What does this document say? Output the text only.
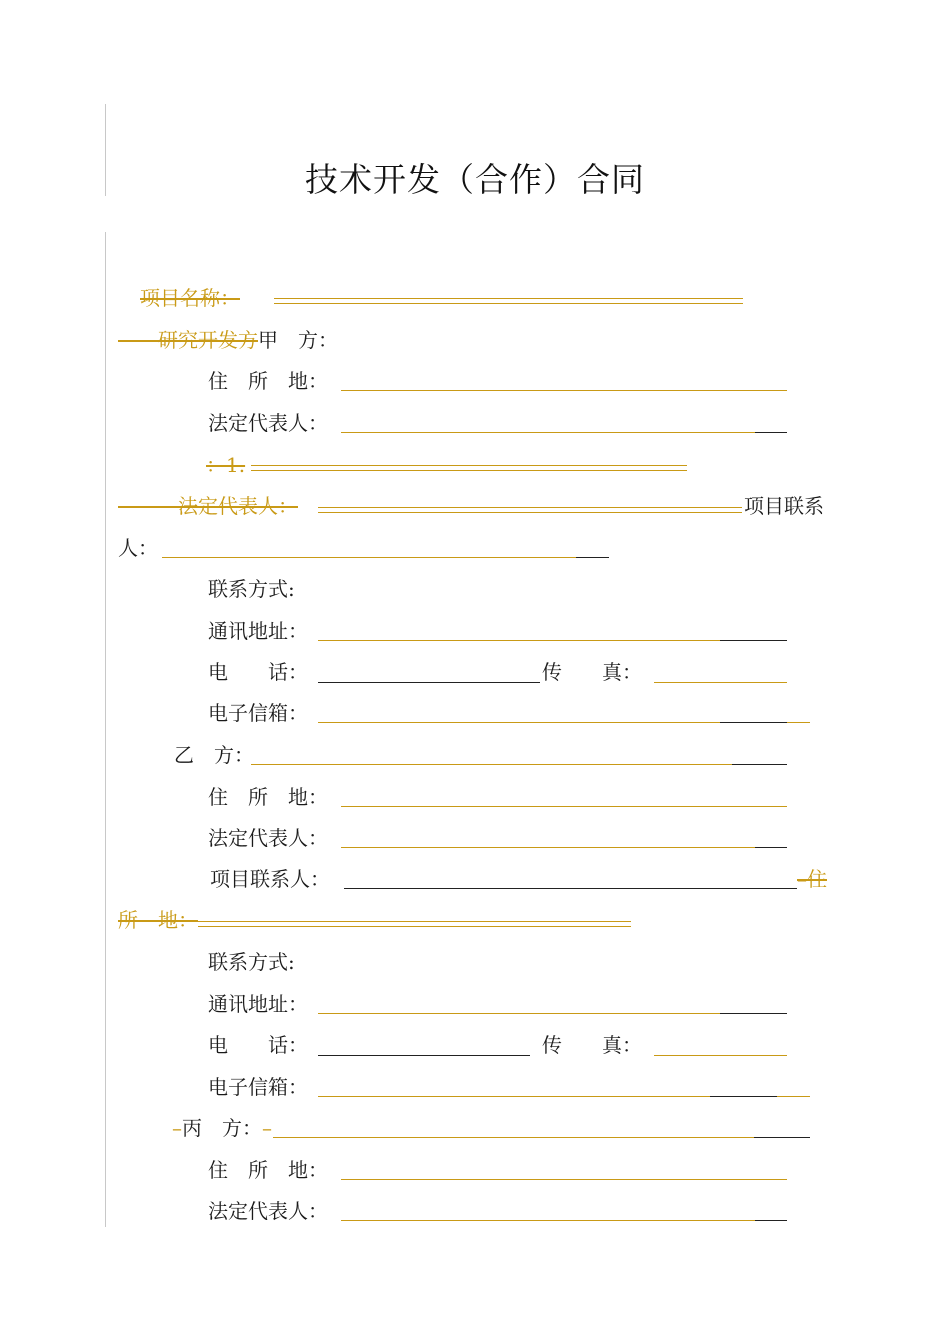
技术开发（合作）合同
项目名称：
　　研究开发方甲　方：
住　所　地：
法定代表人：
：1.
　　　法定代表人：	项目联系
人：
联系方式:
通讯地址：
电　　话：	传　　真：
电子信箱：
乙　方：
住　所　地：
法定代表人：
项目联系人：	–住
所　地：
联系方式:
通讯地址：
电　　话：	传　　真：
电子信箱：
–丙　方：–
住　所　地：
法定代表人：
